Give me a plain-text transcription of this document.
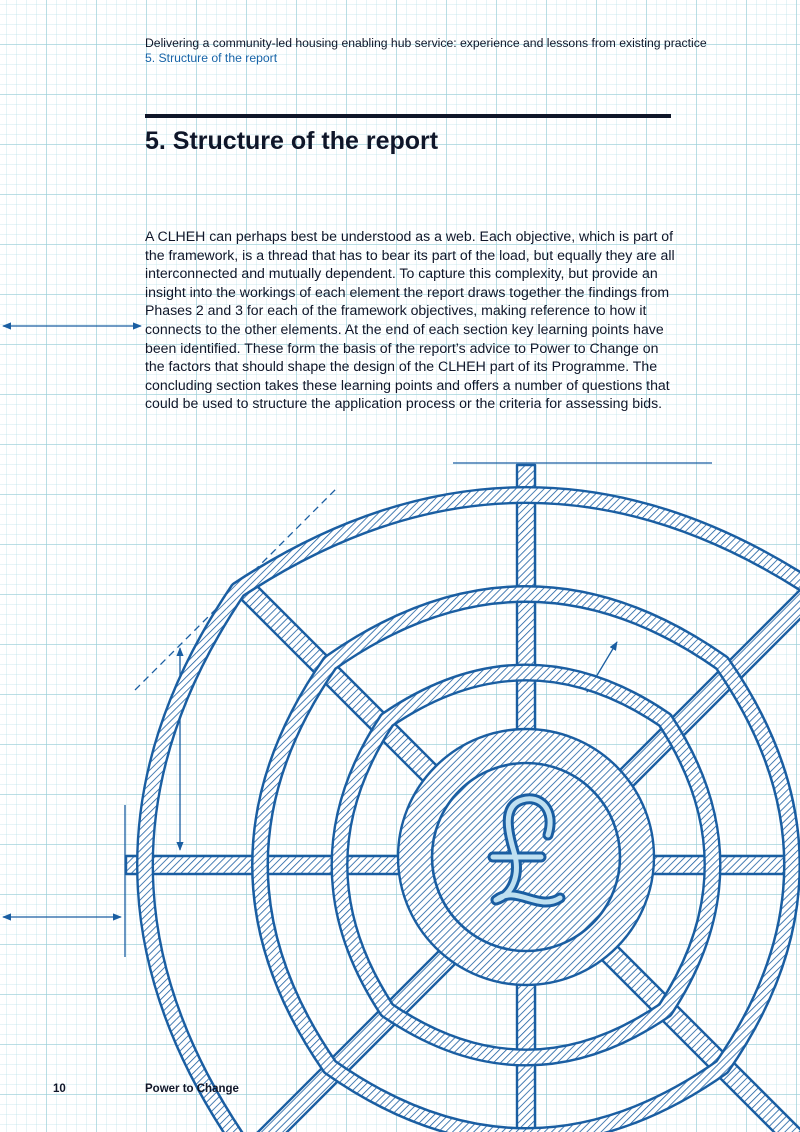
Delivering a community-led housing enabling hub service: experience and lessons from existing practice
5. Structure of the report
5. Structure of the report

A CLHEH can perhaps best be understood as a web. Each objective, which is part of the framework, is a thread that has to bear its part of the load, but equally they are all interconnected and mutually dependent. To capture this complexity, but provide an insight into the workings of each element the report draws together the findings from Phases 2 and 3 for each of the framework objectives, making reference to how it connects to the other elements. At the end of each section key learning points have been identified. These form the basis of the report’s advice to Power to Change on the factors that should shape the design of the CLHEH part of its Programme. The concluding section takes these learning points and offers a number of questions that could be used to structure the application process or the criteria for assessing bids.

10	Power to Change
